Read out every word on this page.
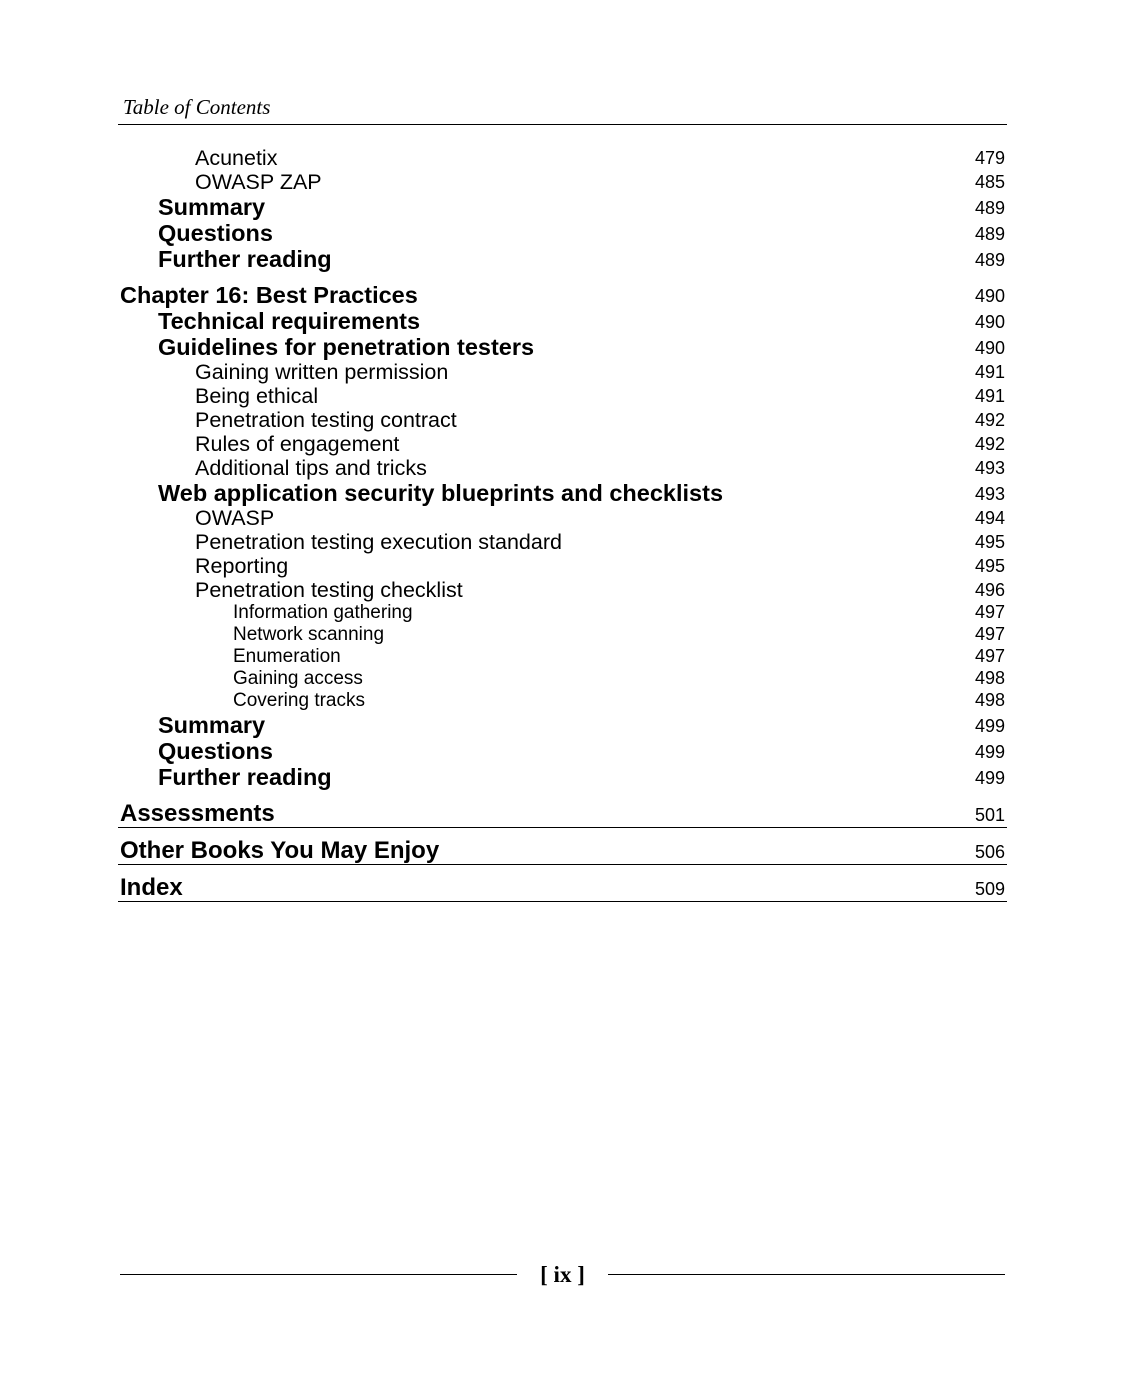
Table of Contents
Acunetix	479
OWASP ZAP	485
Summary	489
Questions	489
Further reading	489
Chapter 16: Best Practices	490
Technical requirements	490
Guidelines for penetration testers	490
Gaining written permission	491
Being ethical	491
Penetration testing contract	492
Rules of engagement	492
Additional tips and tricks	493
Web application security blueprints and checklists	493
OWASP	494
Penetration testing execution standard	495
Reporting	495
Penetration testing checklist	496
Information gathering	497
Network scanning	497
Enumeration	497
Gaining access	498
Covering tracks	498
Summary	499
Questions	499
Further reading	499
Assessments	501
Other Books You May Enjoy	506
Index	509
[ ix ]
